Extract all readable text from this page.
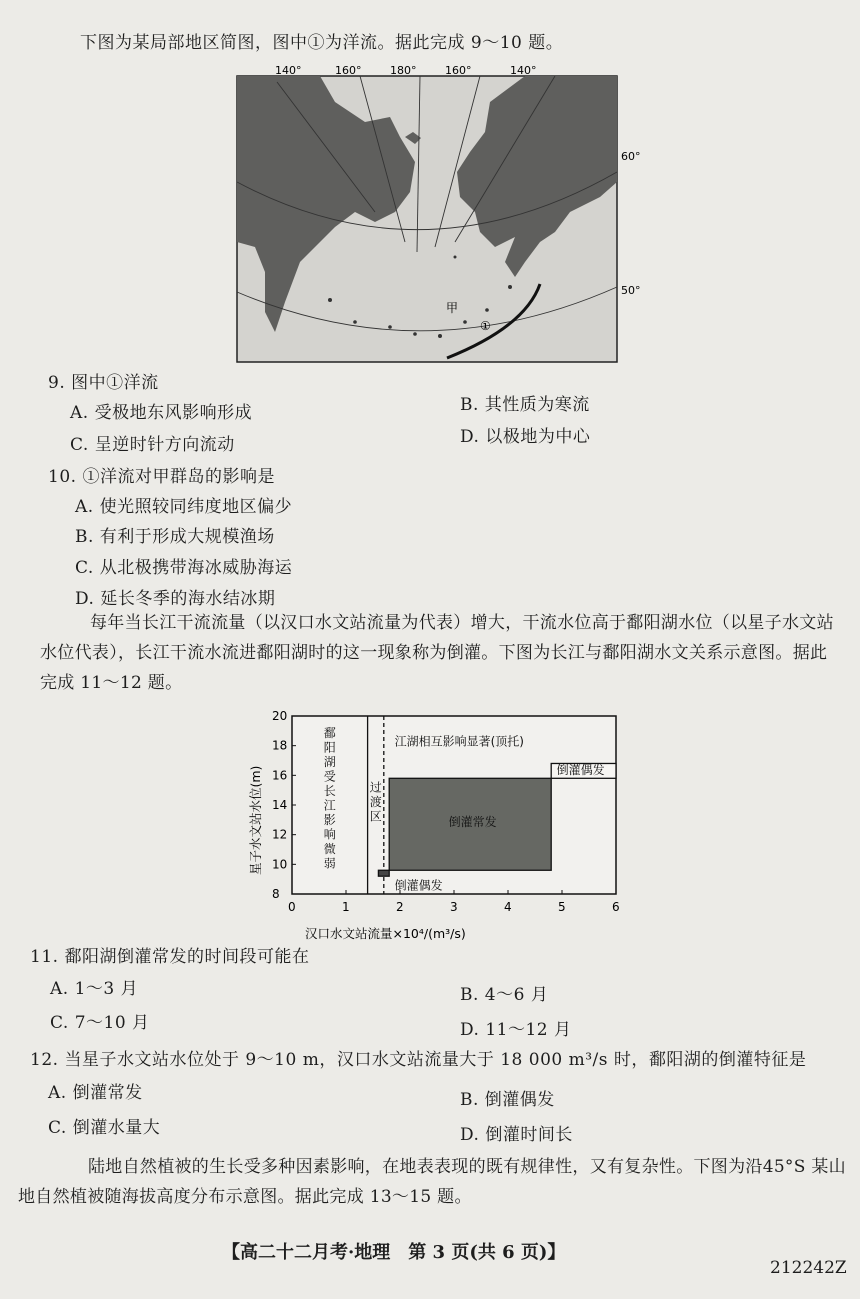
下图为某局部地区简图，图中①为洋流。据此完成 9～10 题。
甲
①
140°	160°	180°	160°	140°
60°
50°
9. 图中①洋流
A. 受极地东风影响形成	B. 其性质为寒流
C. 呈逆时针方向流动	D. 以极地为中心
10. ①洋流对甲群岛的影响是
A. 使光照较同纬度地区偏少
B. 有利于形成大规模渔场
C. 从北极携带海冰威胁海运
D. 延长冬季的海水结冰期
每年当长江干流流量（以汉口水文站流量为代表）增大，干流水位高于鄱阳湖水位（以星子水文站水位代表），长江干流水流进鄱阳湖时的这一现象称为倒灌。下图为长江与鄱阳湖水文关系示意图。据此完成 11～12 题。
鄱阳湖受长江影响微弱
过渡区
江湖相互影响显著(顶托)
倒灌常发
倒灌偶发
倒灌偶发
0	1	2	3	4	5	6
8
10
12
14
16
18
20
汉口水文站流量×10⁴/(m³/s)
星子水文站水位(m)
11. 鄱阳湖倒灌常发的时间段可能在
A. 1～3 月	B. 4～6 月
C. 7～10 月	D. 11～12 月
12. 当星子水文站水位处于 9～10 m，汉口水文站流量大于 18 000 m³/s 时，鄱阳湖的倒灌特征是
A. 倒灌常发	B. 倒灌偶发
C. 倒灌水量大	D. 倒灌时间长
陆地自然植被的生长受多种因素影响，在地表表现的既有规律性，又有复杂性。下图为沿45°S 某山地自然植被随海拔高度分布示意图。据此完成 13～15 题。
【高二十二月考·地理　第 3 页(共 6 页)】
212242Z
